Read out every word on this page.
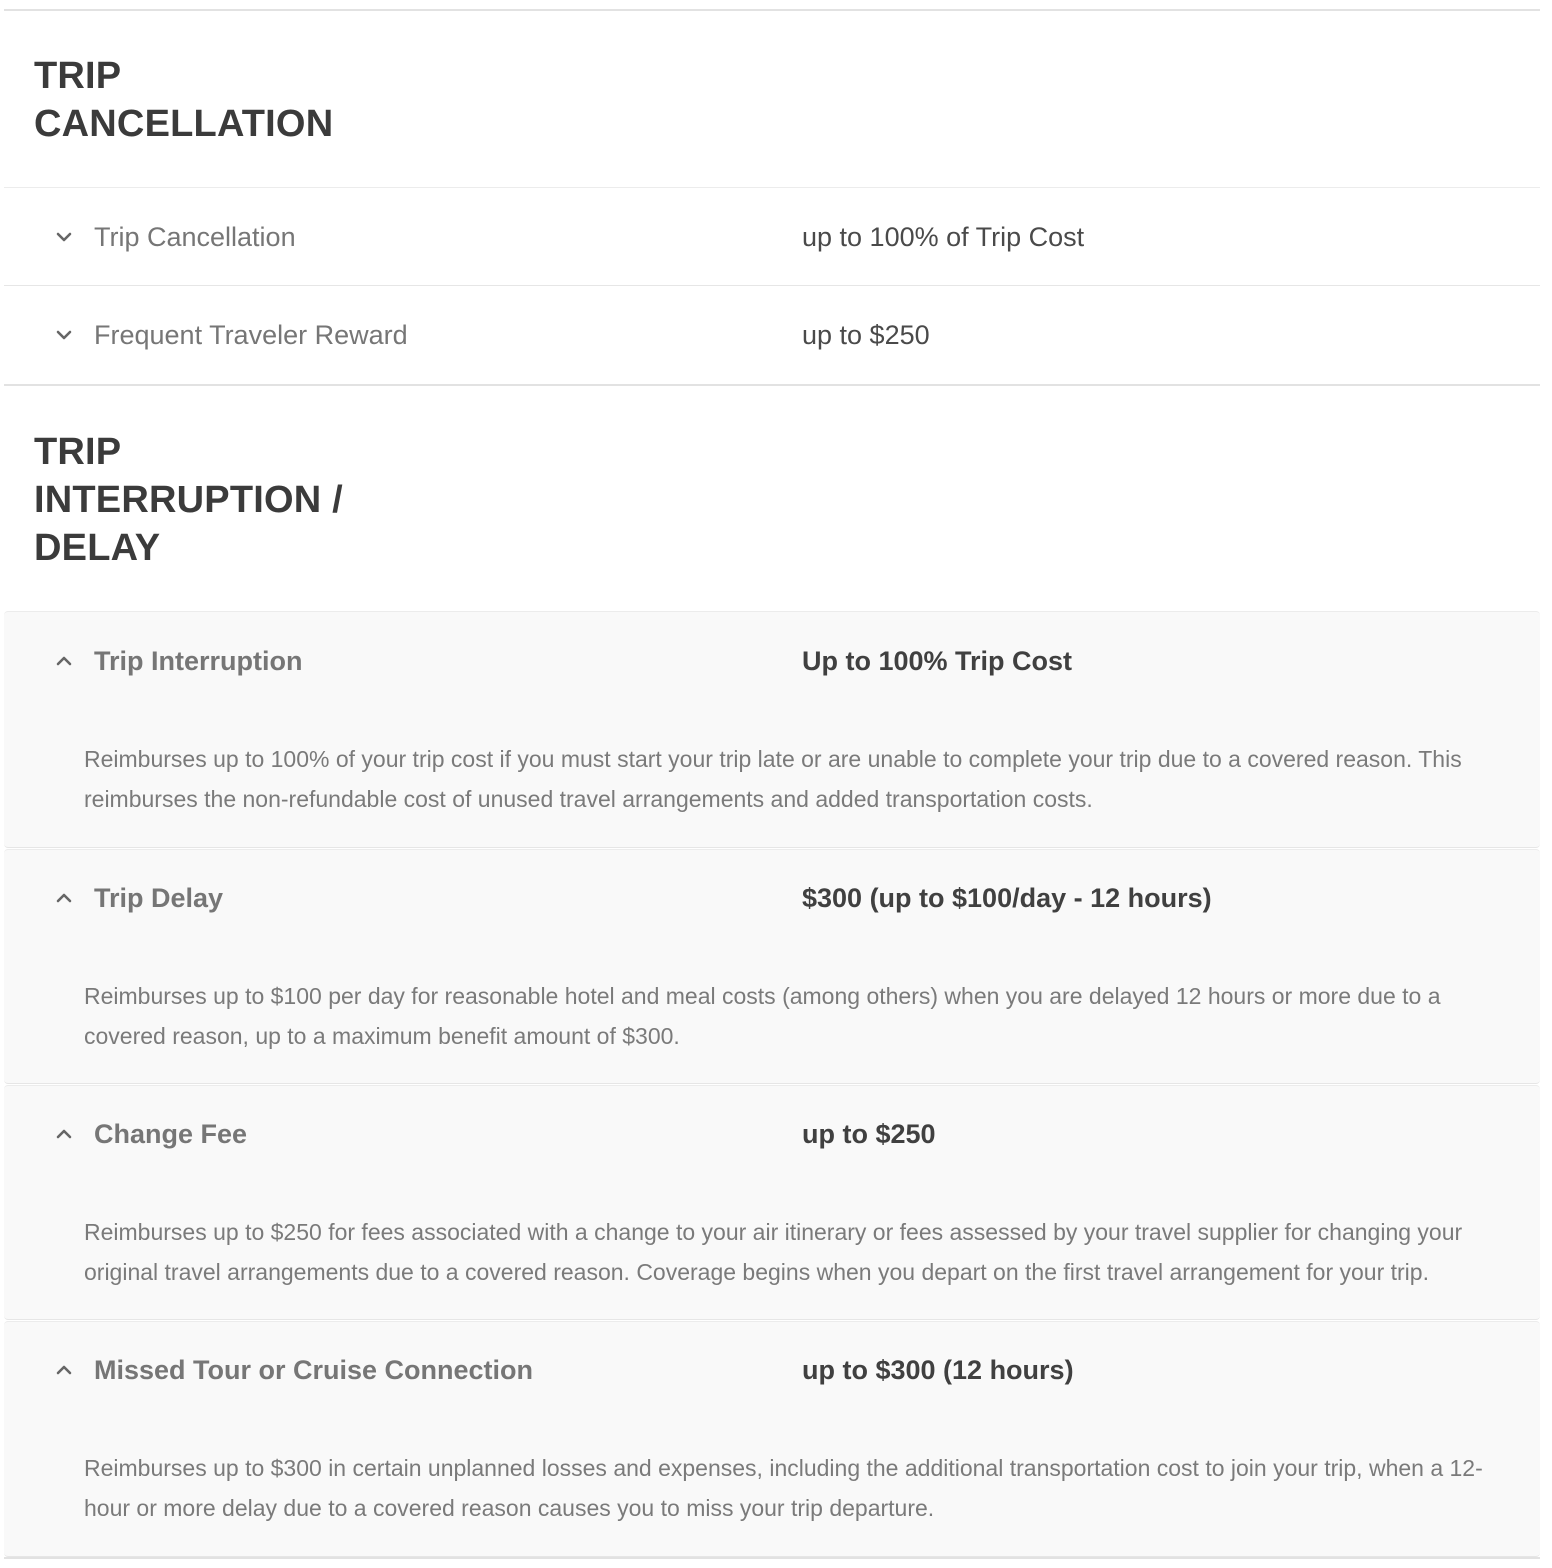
TRIP
CANCELLATION
Trip Cancellation	up to 100% of Trip Cost
Frequent Traveler Reward	up to $250
TRIP
INTERRUPTION /
DELAY
Trip Interruption	Up to 100% Trip Cost
Reimburses up to 100% of your trip cost if you must start your trip late or are unable to complete your trip due to a covered reason. This reimburses the non-refundable cost of unused travel arrangements and added transportation costs.
Trip Delay	$300 (up to $100/day - 12 hours)
Reimburses up to $100 per day for reasonable hotel and meal costs (among others) when you are delayed 12 hours or more due to a covered reason, up to a maximum benefit amount of $300.
Change Fee	up to $250
Reimburses up to $250 for fees associated with a change to your air itinerary or fees assessed by your travel supplier for changing your original travel arrangements due to a covered reason. Coverage begins when you depart on the first travel arrangement for your trip.
Missed Tour or Cruise Connection	up to $300 (12 hours)
Reimburses up to $300 in certain unplanned losses and expenses, including the additional transportation cost to join your trip, when a 12-hour or more delay due to a covered reason causes you to miss your trip departure.
